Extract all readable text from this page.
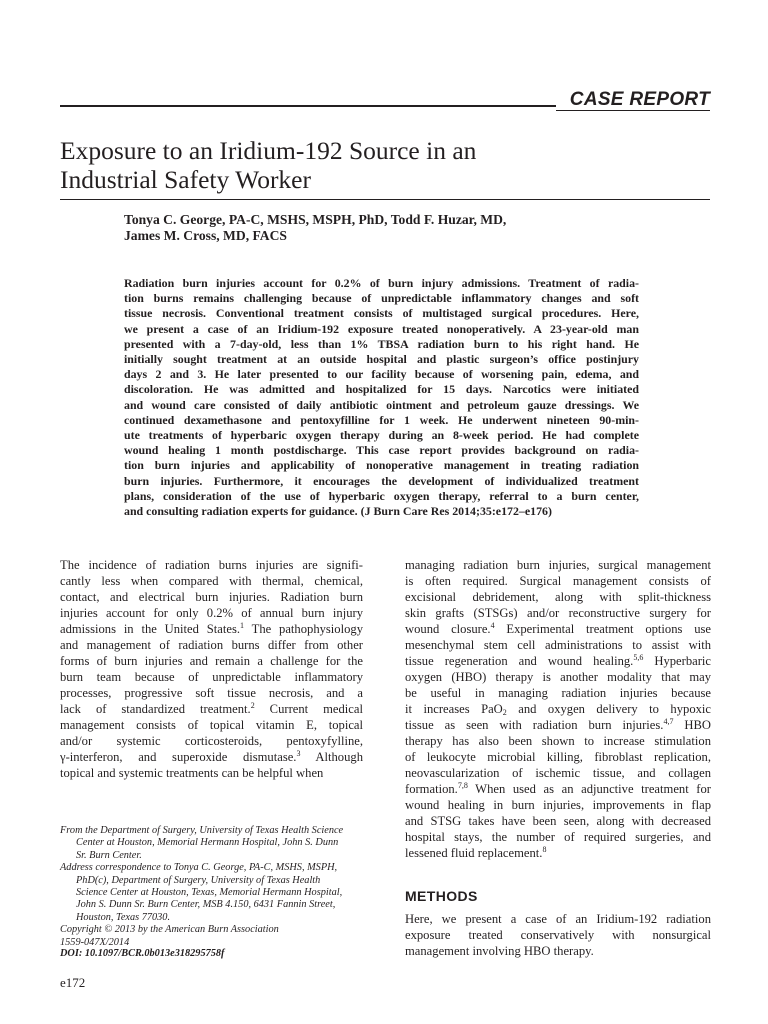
CASE REPORT
Exposure to an Iridium-192 Source in an
Industrial Safety Worker
Tonya C. George, PA-C, MSHS, MSPH, PhD, Todd F. Huzar, MD,
James M. Cross, MD, FACS
Radiation burn injuries account for 0.2% of burn injury admissions. Treatment of radia-
tion burns remains challenging because of unpredictable inflammatory changes and soft
tissue necrosis. Conventional treatment consists of multistaged surgical procedures. Here,
we present a case of an Iridium-192 exposure treated nonoperatively. A 23-year-old man
presented with a 7-day-old, less than 1% TBSA radiation burn to his right hand. He
initially sought treatment at an outside hospital and plastic surgeon’s office postinjury
days 2 and 3. He later presented to our facility because of worsening pain, edema, and
discoloration. He was admitted and hospitalized for 15 days. Narcotics were initiated
and wound care consisted of daily antibiotic ointment and petroleum gauze dressings. We
continued dexamethasone and pentoxyfilline for 1 week. He underwent nineteen 90-min-
ute treatments of hyperbaric oxygen therapy during an 8-week period. He had complete
wound healing 1 month postdischarge. This case report provides background on radia-
tion burn injuries and applicability of nonoperative management in treating radiation
burn injuries. Furthermore, it encourages the development of individualized treatment
plans, consideration of the use of hyperbaric oxygen therapy, referral to a burn center,
and consulting radiation experts for guidance. (J Burn Care Res 2014;35:e172–e176)
The incidence of radiation burns injuries are signifi-
cantly less when compared with thermal, chemical,
contact, and electrical burn injuries. Radiation burn
injuries account for only 0.2% of annual burn injury
admissions in the United States.$^1$ The pathophysiology
and management of radiation burns differ from other
forms of burn injuries and remain a challenge for the
burn team because of unpredictable inflammatory
processes, progressive soft tissue necrosis, and a
lack of standardized treatment.$^2$ Current medical
management consists of topical vitamin E, topical
and/or systemic corticosteroids, pentoxyfylline,
γ-interferon, and superoxide dismutase.$^3$ Although
topical and systemic treatments can be helpful when
managing radiation burn injuries, surgical management
is often required. Surgical management consists of
excisional debridement, along with split-thickness
skin grafts (STSGs) and/or reconstructive surgery for
wound closure.$^4$ Experimental treatment options use
mesenchymal stem cell administrations to assist with
tissue regeneration and wound healing.$^{5,6}$ Hyperbaric
oxygen (HBO) therapy is another modality that may
be useful in managing radiation injuries because
it increases PaO$_2$ and oxygen delivery to hypoxic
tissue as seen with radiation burn injuries.$^{4,7}$ HBO
therapy has also been shown to increase stimulation
of leukocyte microbial killing, fibroblast replication,
neovascularization of ischemic tissue, and collagen
formation.$^{7,8}$ When used as an adjunctive treatment for
wound healing in burn injuries, improvements in flap
and STSG takes have been seen, along with decreased
hospital stays, the number of required surgeries, and
lessened fluid replacement.$^8$
METHODS
Here, we present a case of an Iridium-192 radiation
exposure treated conservatively with nonsurgical
management involving HBO therapy.
From the Department of Surgery, University of Texas Health Science
Center at Houston, Memorial Hermann Hospital, John S. Dunn
Sr. Burn Center.
Address correspondence to Tonya C. George, PA-C, MSHS, MSPH,
PhD(c), Department of Surgery, University of Texas Health
Science Center at Houston, Texas, Memorial Hermann Hospital,
John S. Dunn Sr. Burn Center, MSB 4.150, 6431 Fannin Street,
Houston, Texas 77030.
Copyright © 2013 by the American Burn Association
1559-047X/2014
DOI: 10.1097/BCR.0b013e318295758f
e172
